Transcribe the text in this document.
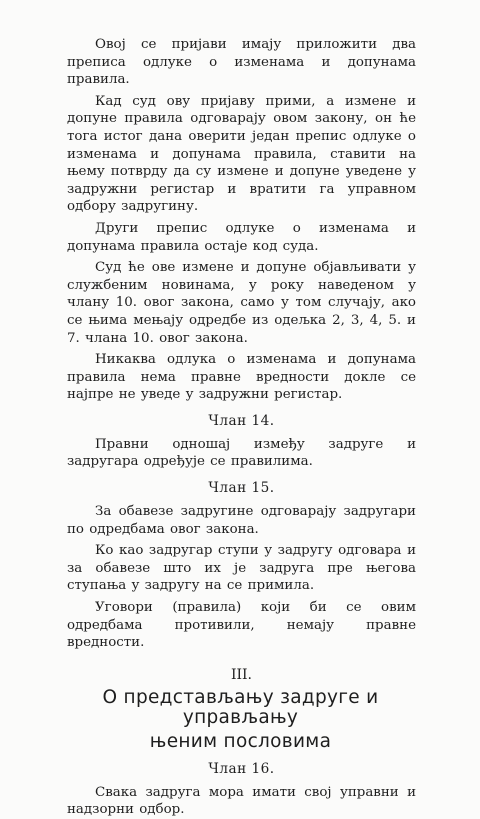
Овој се пријави имају приложити два преписа одлуке о изменама и допунама правила.

Кад суд ову пријаву прими, а измене и допуне правила одговарају овом закону, он ће тога истог дана оверити један препис одлуке о изменама и допунама правила, ставити на њему потврду да су измене и допуне уведене у задружни регистар и вратити га управном одбору задругину.

Други препис одлуке о изменама и допунама правила остаје код суда.

Суд ће ове измене и допуне објављивати у службеним новинама, у року наведеном у члану 10. овог закона, само у том случају, ако се њима мењају одредбе из одељка 2, 3, 4, 5. и 7. члана 10. овог закона.

Никаква одлука о изменама и допунама правила нема правне вредности докле се најпре не уведе у задружни регистар.

Члан 14.

Правни одношај између задруге и задругара одређује се правилима.

Члан 15.

За обавезе задругине одговарају задругари по одредбама овог закона.

Ко као задругар ступи у задругу одговара и за обавезе што их је задруга пре његова ступања у задругу на се примила.

Уговори (правила) који би се овим одредбама противили, немају правне вредности.

III.
О представљању задруге и управљању
њеним пословима
Члан 16.

Свака задруга мора имати свој управни и надзорни одбор.
